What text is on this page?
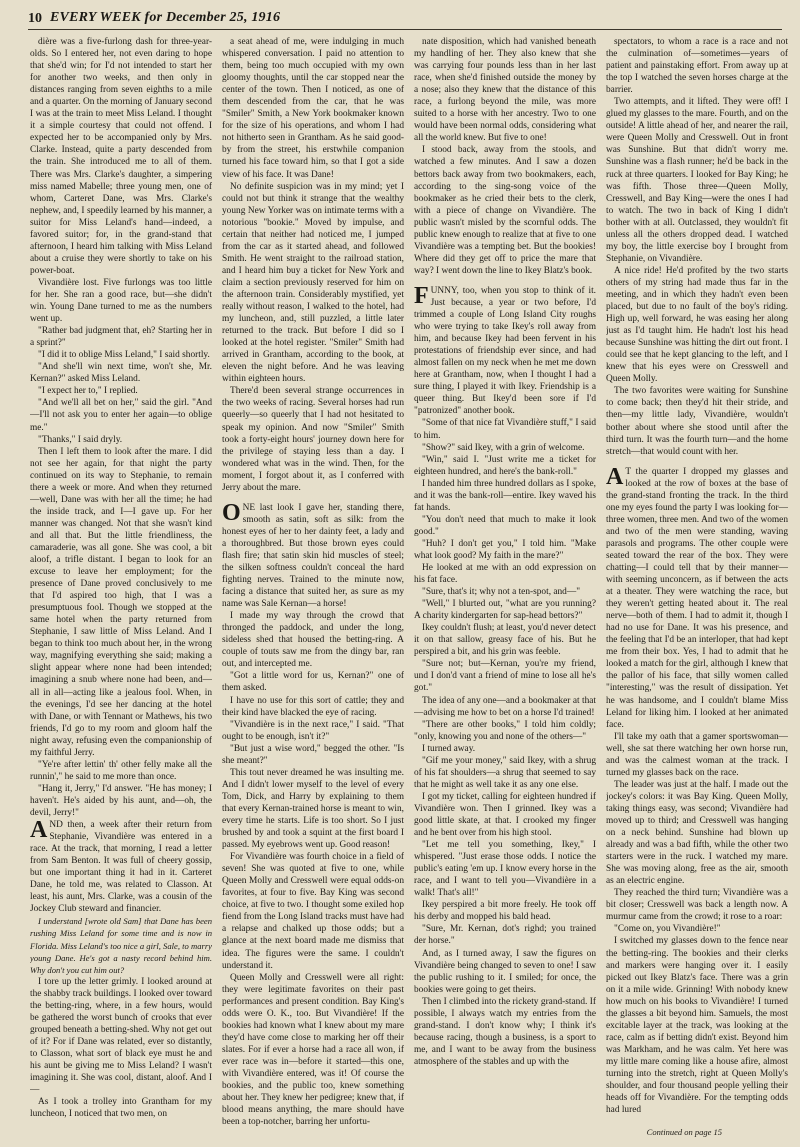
10 EVERY WEEK for December 25, 1916

dière was a five-furlong dash for three-year-olds. So I entered her, not even daring to hope that she'd win; for I'd not intended to start her for another two weeks, and then only in distances ranging from seven eighths to a mile and a quarter. On the morning of January second I was at the train to meet Miss Leland. I thought it a simple courtesy that could not offend. I expected her to be accompanied only by Mrs. Clarke. Instead, quite a party descended from the train. She introduced me to all of them. There was Mrs. Clarke's daughter, a simpering miss named Mabelle; three young men, one of whom, Carteret Dane, was Mrs. Clarke's nephew, and, I speedily learned by his manner, a suitor for Miss Leland's hand—indeed, a favored suitor; for, in the grand-stand that afternoon, I heard him talking with Miss Leland about a cruise they were shortly to take on his power-boat.

Vivandière lost. Five furlongs was too little for her. She ran a good race, but—she didn't win. Young Dane turned to me as the numbers went up.

"Rather bad judgment that, eh? Starting her in a sprint?"

"I did it to oblige Miss Leland," I said shortly.

"And she'll win next time, won't she, Mr. Kernan?" asked Miss Leland.

"I expect her to," I replied.

"And we'll all bet on her," said the girl. "And—I'll not ask you to enter her again—to oblige me."

"Thanks," I said dryly.

Then I left them to look after the mare. I did not see her again, for that night the party continued on its way to Stephanie, to remain there a week or more. And when they returned—well, Dane was with her all the time; he had the inside track, and I—I gave up. For her manner was changed. Not that she wasn't kind and all that. But the little friendliness, the camaraderie, was all gone. She was cool, a bit aloof, a trifle distant. I began to look for an excuse to leave her employment; for the presence of Dane proved conclusively to me that I'd aspired too high, that I was a presumptuous fool. Though we stopped at the same hotel when the party returned from Stephanie, I saw little of Miss Leland. And I began to think too much about her, in the wrong way, magnifying everything she said; making a slight appear where none had been intended; imagining a snub where none had been, and—all in all—acting like a jealous fool. When, in the evenings, I'd see her dancing at the hotel with Dane, or with Tennant or Mathews, his two friends, I'd go to my room and gloom half the night away, refusing even the companionship of my faithful Jerry.

"Ye're after lettin' th' other felly make all the runnin'," he said to me more than once.

"Hang it, Jerry," I'd answer. "He has money; I haven't. He's aided by his aunt, and—oh, the devil, Jerry!"

AND then, a week after their return from Stephanie, Vivandière was entered in a race. At the track, that morning, I read a letter from Sam Benton. It was full of cheery gossip, but one important thing it had in it. Carteret Dane, he told me, was related to Classon. At least, his aunt, Mrs. Clarke, was a cousin of the Jockey Club steward and financier.

I understand [wrote old Sam] that Dane has been rushing Miss Leland for some time and is now in Florida. Miss Leland's too nice a girl, Sale, to marry young Dane. He's got a nasty record behind him. Why don't you cut him out?

I tore up the letter grimly. I looked around at the shabby track buildings. I looked over toward the betting-ring, where, in a few hours, would be gathered the worst bunch of crooks that ever grouped beneath a betting-shed. Why not get out of it? For if Dane was related, ever so distantly, to Classon, what sort of black eye must he and his aunt be giving me to Miss Leland? I wasn't imagining it. She was cool, distant, aloof. And I—

As I took a trolley into Grantham for my luncheon, I noticed that two men, on

a seat ahead of me, were indulging in much whispered conversation. I paid no attention to them, being too much occupied with my own gloomy thoughts, until the car stopped near the center of the town. Then I noticed, as one of them descended from the car, that he was "Smiler" Smith, a New York bookmaker known for the size of his operations, and whom I had not hitherto seen in Grantham. As he said good-by from the street, his erstwhile companion turned his face toward him, so that I got a side view of his face. It was Dane!

No definite suspicion was in my mind; yet I could not but think it strange that the wealthy young New Yorker was on intimate terms with a notorious "bookie." Moved by impulse, and certain that neither had noticed me, I jumped from the car as it started ahead, and followed Smith. He went straight to the railroad station, and I heard him buy a ticket for New York and claim a section previously reserved for him on the afternoon train. Considerably mystified, yet really without reason, I walked to the hotel, had my luncheon, and, still puzzled, a little later returned to the track. But before I did so I looked at the hotel register. "Smiler" Smith had arrived in Grantham, according to the book, at eleven the night before. And he was leaving within eighteen hours.

There'd been several strange occurrences in the two weeks of racing. Several horses had run queerly—so queerly that I had not hesitated to speak my opinion. And now "Smiler" Smith took a forty-eight hours' journey down here for the privilege of staying less than a day. I wondered what was in the wind. Then, for the moment, I forgot about it, as I conferred with Jerry about the mare.

ONE last look I gave her, standing there, smooth as satin, soft as silk: from the honest eyes of her to her dainty feet, a lady and a thoroughbred. But those brown eyes could flash fire; that satin skin hid muscles of steel; the silken softness couldn't conceal the hard fighting nerves. Trained to the minute now, facing a distance that suited her, as sure as my name was Sale Kernan—a horse!

I made my way through the crowd that thronged the paddock, and under the long, sideless shed that housed the betting-ring. A couple of touts saw me from the dingy bar, ran out, and intercepted me.

"Got a little word for us, Kernan?" one of them asked.

I have no use for this sort of cattle; they and their kind have blacked the eye of racing.

"Vivandière is in the next race," I said. "That ought to be enough, isn't it?"

"But just a wise word," begged the other. "Is she meant?"

This tout never dreamed he was insulting me. And I didn't lower myself to the level of every Tom, Dick, and Harry by explaining to them that every Kernan-trained horse is meant to win, every time he starts. Life is too short. So I just brushed by and took a squint at the first board I passed. My eyebrows went up. Good reason!

For Vivandière was fourth choice in a field of seven! She was quoted at five to one, while Queen Molly and Cresswell were equal odds-on favorites, at four to five. Bay King was second choice, at five to two. I thought some exiled hop fiend from the Long Island tracks must have had a relapse and chalked up those odds; but a glance at the next board made me dismiss that idea. The figures were the same. I couldn't understand it.

Queen Molly and Cresswell were all right: they were legitimate favorites on their past performances and present condition. Bay King's odds were O. K., too. But Vivandière! If the bookies had known what I knew about my mare they'd have come close to marking her off their slates. For if ever a horse had a race all won, if ever race was in—before it started—this one, with Vivandière entered, was it! Of course the bookies, and the public too, knew something about her. They knew her pedigree; knew that, if blood means anything, the mare should have been a top-notcher, barring her unfortu-

nate disposition, which had vanished beneath my handling of her. They also knew that she was carrying four pounds less than in her last race, when she'd finished outside the money by a nose; also they knew that the distance of this race, a furlong beyond the mile, was more suited to a horse with her ancestry. Two to one would have been normal odds, considering what all the world knew. But five to one!

I stood back, away from the stools, and watched a few minutes. And I saw a dozen bettors back away from two bookmakers, each, according to the sing-song voice of the bookmaker as he cried their bets to the clerk, with a piece of change on Vivandière. The public wasn't misled by the scornful odds. The public knew enough to realize that at five to one Vivandière was a tempting bet. But the bookies! Where did they get off to price the mare that way? I went down the line to Ikey Blatz's book.

FUNNY, too, when you stop to think of it. Just because, a year or two before, I'd trimmed a couple of Long Island City roughs who were trying to take Ikey's roll away from him, and because Ikey had been fervent in his protestations of friendship ever since, and had almost fallen on my neck when he met me down here at Grantham, now, when I thought I had a sure thing, I played it with Ikey. Friendship is a queer thing. But Ikey'd been sore if I'd "patronized" another book.

"Some of that nice fat Vivandière stuff," I said to him.

"Show?" said Ikey, with a grin of welcome.

"Win," said I. "Just write me a ticket for eighteen hundred, and here's the bank-roll."

I handed him three hundred dollars as I spoke, and it was the bank-roll—entire. Ikey waved his fat hands.

"You don't need that much to make it look good."

"Huh? I don't get you," I told him. "Make what look good? My faith in the mare?"

He looked at me with an odd expression on his fat face.

"Sure, that's it; why not a ten-spot, and—"

"Well," I blurted out, "what are you running? A charity kindergarten for sap-head bettors?"

Ikey couldn't flush; at least, you'd never detect it on that sallow, greasy face of his. But he perspired a bit, and his grin was feeble.

"Sure not; but—Kernan, you're my friend, und I don'd vant a friend of mine to lose all he's got."

The idea of any one—and a bookmaker at that—advising me how to bet on a horse I'd trained!

"There are other books," I told him coldly; "only, knowing you and none of the others—"

I turned away.

"Gif me your money," said Ikey, with a shrug of his fat shoulders—a shrug that seemed to say that he might as well take it as any one else.

I got my ticket, calling for eighteen hundred if Vivandière won. Then I grinned. Ikey was a good little skate, at that. I crooked my finger and he bent over from his high stool.

"Let me tell you something, Ikey," I whispered. "Just erase those odds. I notice the public's eating 'em up. I know every horse in the race, and I want to tell you—Vivandière in a walk! That's all!"

Ikey perspired a bit more freely. He took off his derby and mopped his bald head.

"Sure, Mr. Kernan, dot's righd; you trained der horse."

And, as I turned away, I saw the figures on Vivandière being changed to seven to one! I saw the public rushing to it. I smiled; for once, the bookies were going to get theirs.

Then I climbed into the rickety grand-stand. If possible, I always watch my entries from the grand-stand. I don't know why; I think it's because racing, though a business, is a sport to me, and I want to be away from the business atmosphere of the stables and up with the

spectators, to whom a race is a race and not the culmination of—sometimes—years of patient and painstaking effort. From away up at the top I watched the seven horses charge at the barrier.

Two attempts, and it lifted. They were off! I glued my glasses to the mare. Fourth, and on the outside! A little ahead of her, and nearer the rail, were Queen Molly and Cresswell. Out in front was Sunshine. But that didn't worry me. Sunshine was a flash runner; he'd be back in the ruck at three quarters. I looked for Bay King; he was fifth. Those three—Queen Molly, Cresswell, and Bay King—were the ones I had to watch. The two in back of King I didn't bother with at all. Outclassed, they wouldn't fit unless all the others dropped dead. I watched my boy, the little exercise boy I brought from Stephanie, on Vivandière.

A nice ride! He'd profited by the two starts others of my string had made thus far in the meeting, and in which they hadn't even been placed, but due to no fault of the boy's riding. High up, well forward, he was easing her along just as I'd taught him. He hadn't lost his head because Sunshine was hitting the dirt out front. I could see that he kept glancing to the left, and I knew that his eyes were on Cresswell and Queen Molly.

The two favorites were waiting for Sunshine to come back; then they'd hit their stride, and then—my little lady, Vivandière, wouldn't bother about where she stood until after the third turn. It was the fourth turn—and the home stretch—that would count with her.

AT the quarter I dropped my glasses and looked at the row of boxes at the base of the grand-stand fronting the track. In the third one my eyes found the party I was looking for—three women, three men. And two of the women and two of the men were standing, waving parasols and programs. The other couple were seated toward the rear of the box. They were chatting—I could tell that by their manner—with seeming unconcern, as if between the acts at a theater. They were watching the race, but they weren't getting heated about it. The real nerve—both of them. I had to admit it, though I had no use for Dane. It was his presence, and the feeling that I'd be an interloper, that had kept me from their box. Yes, I had to admit that he looked a match for the girl, although I knew that the pallor of his face, that silly women called "interesting," was the result of dissipation. Yet he was handsome, and I couldn't blame Miss Leland for liking him. I looked at her animated face.

I'll take my oath that a gamer sportswoman—well, she sat there watching her own horse run, and was the calmest woman at the track. I turned my glasses back on the race.

The leader was just at the half. I made out the jockey's colors: it was Bay King. Queen Molly, taking things easy, was second; Vivandière had moved up to third; and Cresswell was hanging on a neck behind. Sunshine had blown up already and was a bad fifth, while the other two starters were in the ruck. I watched my mare. She was moving along, free as the air, smooth as an electric engine.

They reached the third turn; Vivandière was a bit closer; Cresswell was back a length now. A murmur came from the crowd; it rose to a roar:

"Come on, you Vivandière!"

I switched my glasses down to the fence near the betting-ring. The bookies and their clerks and markers were hanging over it. I easily picked out Ikey Blatz's face. There was a grin on it a mile wide. Grinning! With nobody knew how much on his books to Vivandière! I turned the glasses a bit beyond him. Samuels, the most excitable layer at the track, was looking at the race, calm as if betting didn't exist. Beyond him was Markham, and he was calm. Yet here was my little mare coming like a house afire, almost turning into the stretch, right at Queen Molly's shoulder, and four thousand people yelling their heads off for Vivandière. For the tempting odds had lured

Continued on page 15
